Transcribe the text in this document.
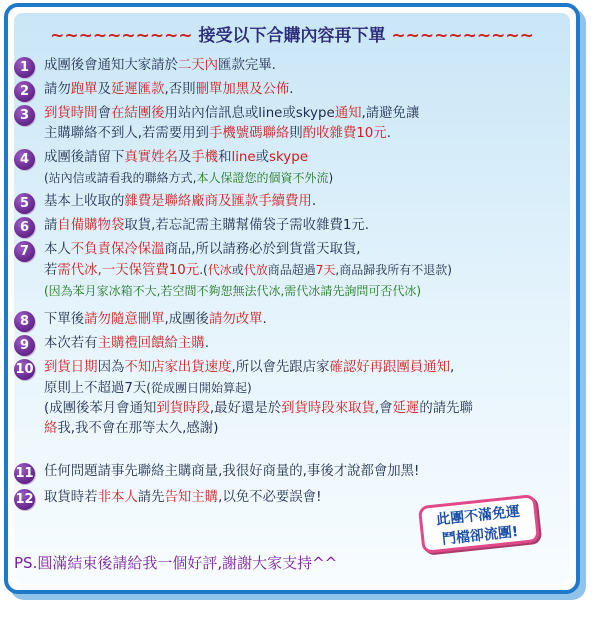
~~~~~~~~~~ 接受以下合購內容再下單 ~~~~~~~~~~
1	成團後會通知大家請於二天內匯款完畢.
2	請勿跑單及延遲匯款,否則刪單加黑及公佈.
3	到貨時間會在結團後用站內信訊息或line或skype通知,請避免讓
主購聯絡不到人,若需要用到手機號碼聯絡則酌收雜費10元.
4	成團後請留下真實姓名及手機和line或skype
(站內信或請看我的聯絡方式,本人保證您的個資不外流)
5	基本上收取的雜費是聯絡廠商及匯款手續費用.
6	請自備購物袋取貨,若忘記需主購幫備袋子需收雜費1元.
7	本人不負責保冷保溫商品,所以請務必於到貨當天取貨,
若需代冰,一天保管費10元.(代冰或代放商品超過7天,商品歸我所有不退款)
(因為苯月家冰箱不大,若空間不夠恕無法代冰,需代冰請先詢問可否代冰)
8	下單後請勿隨意刪單,成團後請勿改單.
9	本次若有主購禮回饋給主購.
10 到貨日期因為不知店家出貨速度,所以會先跟店家確認好再跟團員通知,
原則上不超過7天(從成團日開始算起)
(成團後苯月會通知到貨時段,最好還是於到貨時段來取貨,會延遲的請先聯
絡我,我不會在那等太久,感謝)
11 任何問題請事先聯絡主購商量,我很好商量的,事後才說都會加黑!
12 取貨時若非本人請先告知主購,以免不必要誤會!
PS.圓滿結束後請給我一個好評,謝謝大家支持^^
此團不滿免運
鬥檔卻流團!
